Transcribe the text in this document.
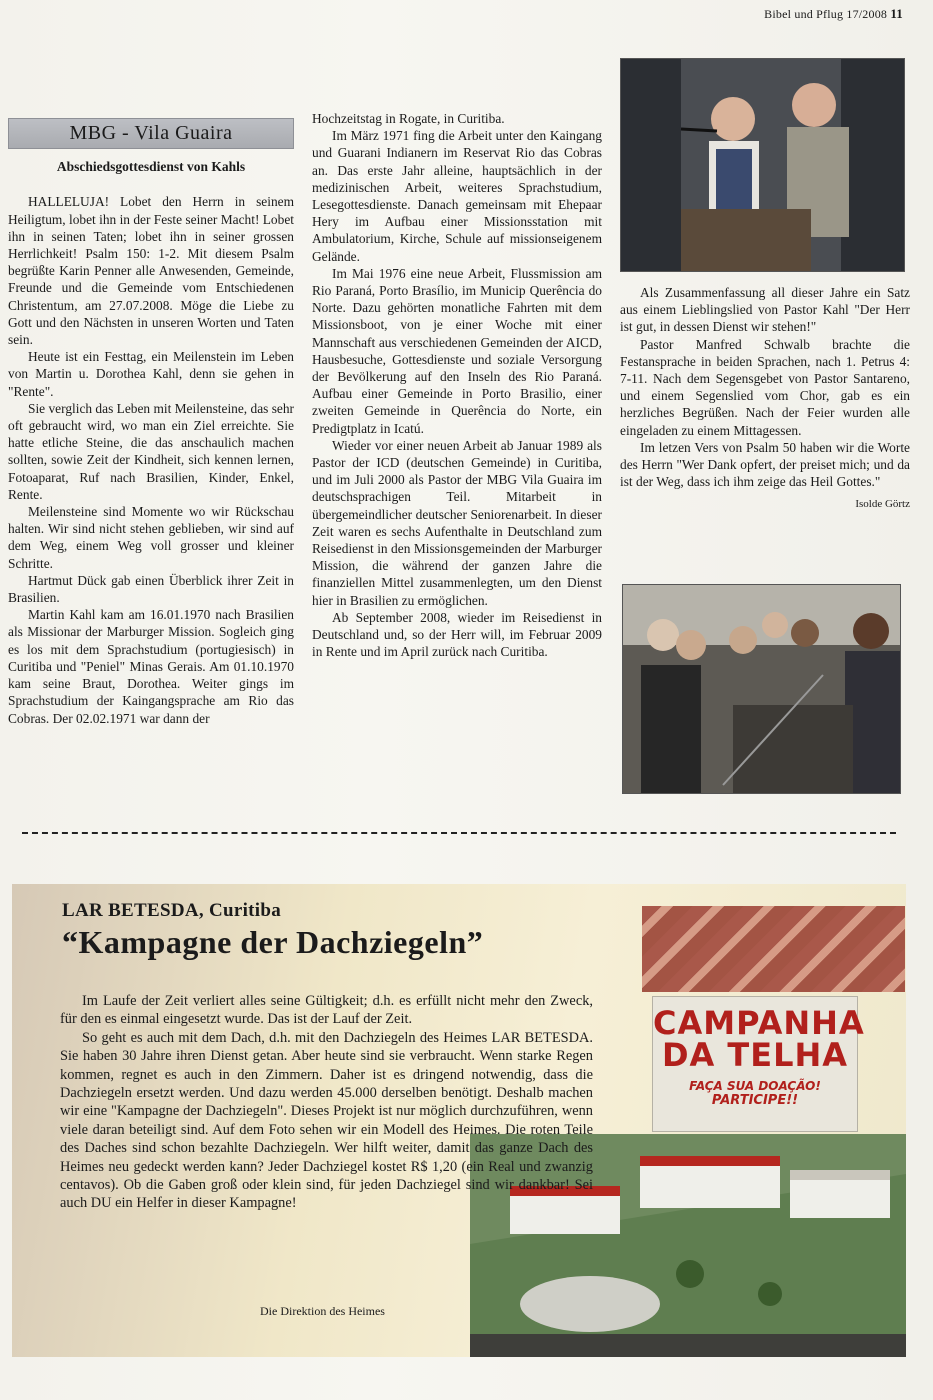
Bibel und Pflug 17/2008 11
MBG - Vila Guaira
Abschiedsgottesdienst von Kahls

HALLELUJA! Lobet den Herrn in seinem Heiligtum, lobet ihn in der Feste seiner Macht! Lobet ihn in seinen Taten; lobet ihn in seiner grossen Herrlichkeit! Psalm 150: 1-2. Mit diesem Psalm begrüßte Karin Penner alle Anwesenden, Gemeinde, Freunde und die Gemeinde vom Entschiedenen Christentum, am 27.07.2008. Möge die Liebe zu Gott und den Nächsten in unseren Worten und Taten sein.

Heute ist ein Festtag, ein Meilenstein im Leben von Martin u. Dorothea Kahl, denn sie gehen in "Rente".

Sie verglich das Leben mit Meilensteine, das sehr oft gebraucht wird, wo man ein Ziel erreichte. Sie hatte etliche Steine, die das anschaulich machen sollten, sowie Zeit der Kindheit, sich kennen lernen, Fotoaparat, Ruf nach Brasilien, Kinder, Enkel, Rente.

Meilensteine sind Momente wo wir Rückschau halten. Wir sind nicht stehen geblieben, wir sind auf dem Weg, einem Weg voll grosser und kleiner Schritte.

Hartmut Dück gab einen Überblick ihrer Zeit in Brasilien.

Martin Kahl kam am 16.01.1970 nach Brasilien als Missionar der Marburger Mission. Sogleich ging es los mit dem Sprachstudium (portugiesisch) in Curitiba und "Peniel" Minas Gerais. Am 01.10.1970 kam seine Braut, Dorothea. Weiter gings im Sprachstudium der Kaingangsprache am Rio das Cobras. Der 02.02.1971 war dann der

Hochzeitstag in Rogate, in Curitiba.

Im März 1971 fing die Arbeit unter den Kaingang und Guarani Indianern im Reservat Rio das Cobras an. Das erste Jahr alleine, hauptsächlich in der medizinischen Arbeit, weiteres Sprachstudium, Lesegottesdienste. Danach gemeinsam mit Ehepaar Hery im Aufbau einer Missionsstation mit Ambulatorium, Kirche, Schule auf missionseigenem Gelände.

Im Mai 1976 eine neue Arbeit, Flussmission am Rio Paraná, Porto Brasílio, im Municip Querência do Norte. Dazu gehörten monatliche Fahrten mit dem Missionsboot, von je einer Woche mit einer Mannschaft aus verschiedenen Gemeinden der AICD, Hausbesuche, Gottesdienste und soziale Versorgung der Bevölkerung auf den Inseln des Rio Paraná. Aufbau einer Gemeinde in Porto Brasilio, einer zweiten Gemeinde in Querência do Norte, ein Predigtplatz in Icatú.

Wieder vor einer neuen Arbeit ab Januar 1989 als Pastor der ICD (deutschen Gemeinde) in Curitiba, und im Juli 2000 als Pastor der MBG Vila Guaira im deutschsprachigen Teil. Mitarbeit in übergemeindlicher deutscher Seniorenarbeit. In dieser Zeit waren es sechs Aufenthalte in Deutschland zum Reisedienst in den Missionsgemeinden der Marburger Mission, die während der ganzen Jahre die finanziellen Mittel zusammenlegten, um den Dienst hier in Brasilien zu ermöglichen.

Ab September 2008, wieder im Reisedienst in Deutschland und, so der Herr will, im Februar 2009 in Rente und im April zurück nach Curitiba.

Als Zusammenfassung all dieser Jahre ein Satz aus einem Lieblingslied von Pastor Kahl "Der Herr ist gut, in dessen Dienst wir stehen!"

Pastor Manfred Schwalb brachte die Festansprache in beiden Sprachen, nach 1. Petrus 4: 7-11. Nach dem Segensgebet von Pastor Santareno, und einem Segenslied vom Chor, gab es ein herzliches Begrüßen. Nach der Feier wurden alle eingeladen zu einem Mittagessen.

Im letzen Vers von Psalm 50 haben wir die Worte des Herrn "Wer Dank opfert, der preiset mich; und da ist der Weg, dass ich ihm zeige das Heil Gottes."

Isolde Görtz
LAR BETESDA, Curitiba
“Kampagne der Dachziegeln”
CAMPANHA
DA TELHA
FAÇA SUA DOAÇÃO!
PARTICIPE!!

Im Laufe der Zeit verliert alles seine Gültigkeit; d.h. es erfüllt nicht mehr den Zweck, für den es einmal eingesetzt wurde. Das ist der Lauf der Zeit.

So geht es auch mit dem Dach, d.h. mit den Dachziegeln des Heimes LAR BETESDA. Sie haben 30 Jahre ihren Dienst getan. Aber heute sind sie verbraucht. Wenn starke Regen kommen, regnet es auch in den Zimmern. Daher ist es dringend notwendig, dass die Dachziegeln ersetzt werden. Und dazu werden 45.000 derselben benötigt. Deshalb machen wir eine "Kampagne der Dachziegeln". Dieses Projekt ist nur möglich durchzuführen, wenn viele daran beteiligt sind. Auf dem Foto sehen wir ein Modell des Heimes. Die roten Teile des Daches sind schon bezahlte Dachziegeln. Wer hilft weiter, damit das ganze Dach des Heimes neu gedeckt werden kann? Jeder Dachziegel kostet R$ 1,20 (ein Real und zwanzig centavos). Ob die Gaben groß oder klein sind, für jeden Dachziegel sind wir dankbar! Sei auch DU ein Helfer in dieser Kampagne!

Die Direktion des Heimes
